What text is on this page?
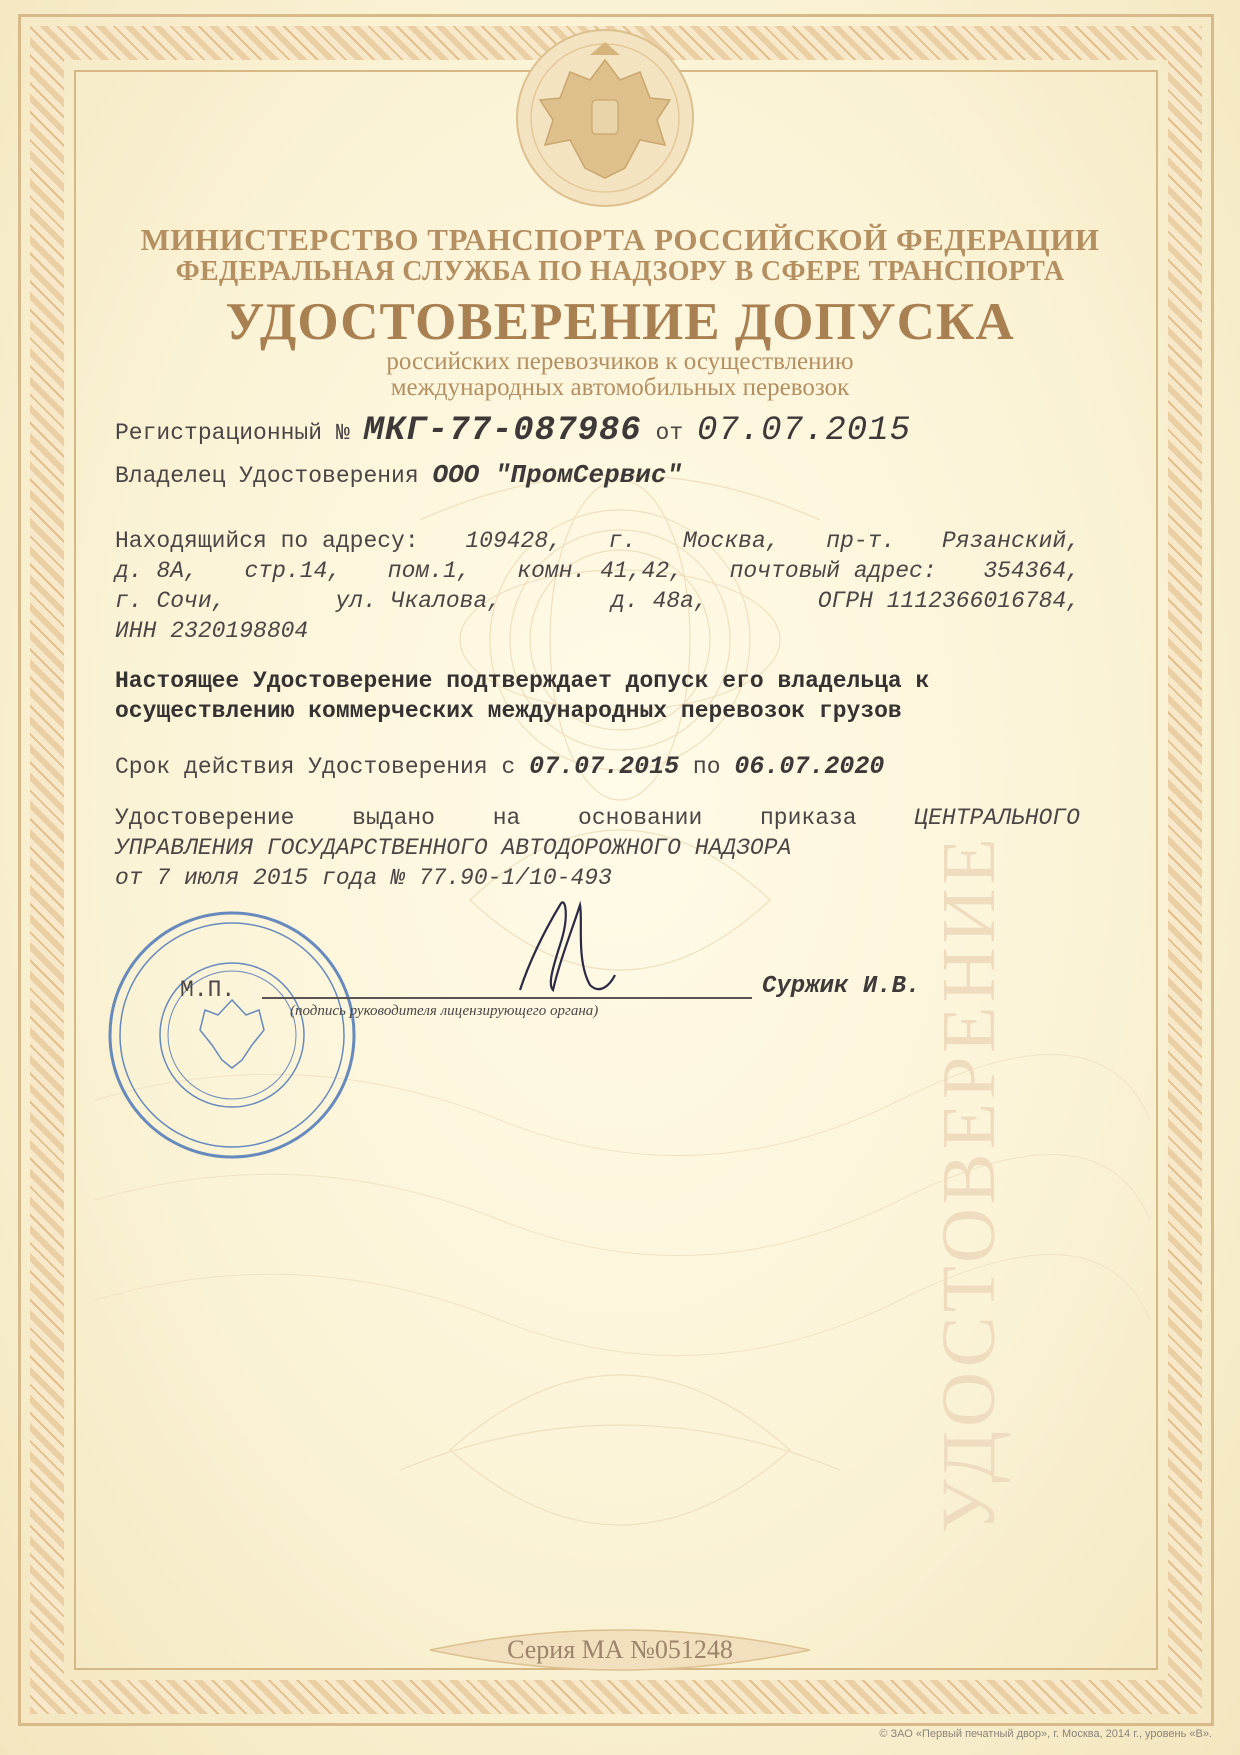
УДОСТОВЕРЕНИЕ
МИНИСТЕРСТВО ТРАНСПОРТА РОССИЙСКОЙ ФЕДЕРАЦИИ
ФЕДЕРАЛЬНАЯ СЛУЖБА ПО НАДЗОРУ В СФЕРЕ ТРАНСПОРТА
УДОСТОВЕРЕНИЕ ДОПУСКА
российских перевозчиков к осуществлению
международных автомобильных перевозок
Регистрационный № МКГ-77-087986 от 07.07.2015
Владелец Удостоверения ООО "ПромСервис"
Находящийся по адресу: 109428, г. Москва, пр-т. Рязанский,
д. 8А, стр.14, пом.1, комн. 41,42, почтовый адрес: 354364,
г. Сочи,	ул. Чкалова,	д. 48а,	ОГРН 1112366016784,
ИНН 2320198804
Настоящее Удостоверение подтверждает допуск его владельца к
осуществлению коммерческих международных перевозок грузов
Срок действия Удостоверения с 07.07.2015 по 06.07.2020
Удостоверение	выдано	на	основании	приказа	ЦЕНТРАЛЬНОГО
УПРАВЛЕНИЯ ГОСУДАРСТВЕННОГО АВТОДОРОЖНОГО НАДЗОРА
от 7 июля 2015 года № 77.90-1/10-493
М.П.
(подпись руководителя лицензирующего органа)
Суржик И.В.
Серия МА №051248
© ЗАО «Первый печатный двор», г. Москва, 2014 г., уровень «В».
